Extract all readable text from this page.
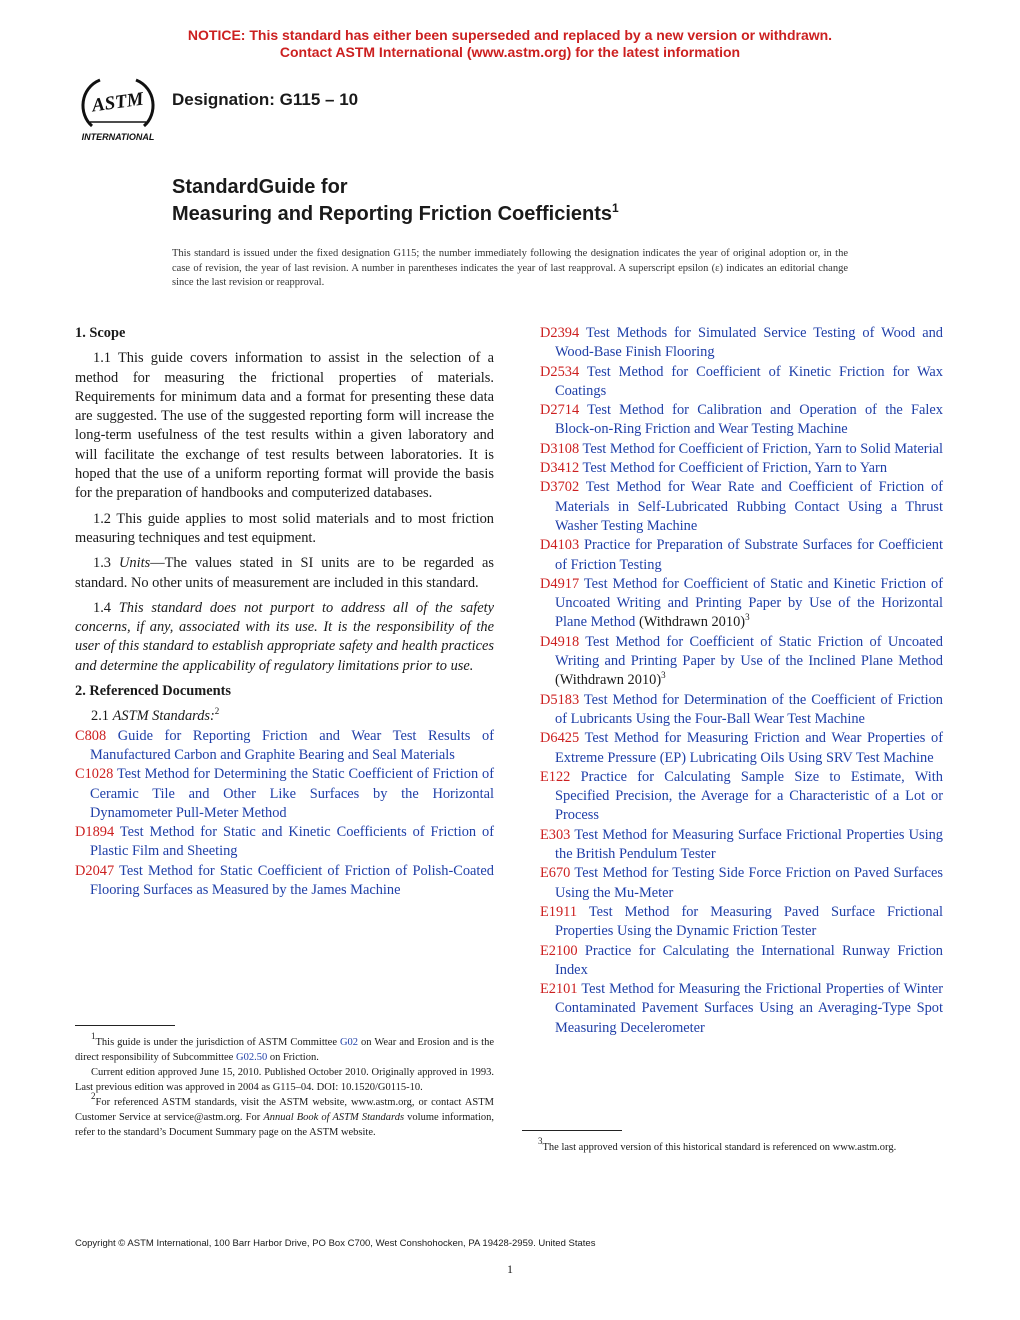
NOTICE: This standard has either been superseded and replaced by a new version or withdrawn.
Contact ASTM International (www.astm.org) for the latest information
ASTM
INTERNATIONAL
Designation: G115 – 10
StandardGuide for
Measuring and Reporting Friction Coefficients$^1$
This standard is issued under the fixed designation G115; the number immediately following the designation indicates the year of original adoption or, in the case of revision, the year of last revision. A number in parentheses indicates the year of last reapproval. A superscript epsilon (ε) indicates an editorial change since the last revision or reapproval.
1. Scope
1.1 This guide covers information to assist in the selection of a method for measuring the frictional properties of materials. Requirements for minimum data and a format for presenting these data are suggested. The use of the suggested reporting form will increase the long-term usefulness of the test results within a given laboratory and will facilitate the exchange of test results between laboratories. It is hoped that the use of a uniform reporting format will provide the basis for the preparation of handbooks and computerized databases.
1.2 This guide applies to most solid materials and to most friction measuring techniques and test equipment.
1.3 Units—The values stated in SI units are to be regarded as standard. No other units of measurement are included in this standard.
1.4 This standard does not purport to address all of the safety concerns, if any, associated with its use. It is the responsibility of the user of this standard to establish appropriate safety and health practices and determine the applicability of regulatory limitations prior to use.
2. Referenced Documents
2.1 ASTM Standards:$^2$
C808 Guide for Reporting Friction and Wear Test Results of Manufactured Carbon and Graphite Bearing and Seal Materials
C1028 Test Method for Determining the Static Coefficient of Friction of Ceramic Tile and Other Like Surfaces by the Horizontal Dynamometer Pull-Meter Method
D1894 Test Method for Static and Kinetic Coefficients of Friction of Plastic Film and Sheeting
D2047 Test Method for Static Coefficient of Friction of Polish-Coated Flooring Surfaces as Measured by the James Machine
D2394 Test Methods for Simulated Service Testing of Wood and Wood-Base Finish Flooring
D2534 Test Method for Coefficient of Kinetic Friction for Wax Coatings
D2714 Test Method for Calibration and Operation of the Falex Block-on-Ring Friction and Wear Testing Machine
D3108 Test Method for Coefficient of Friction, Yarn to Solid Material
D3412 Test Method for Coefficient of Friction, Yarn to Yarn
D3702 Test Method for Wear Rate and Coefficient of Friction of Materials in Self-Lubricated Rubbing Contact Using a Thrust Washer Testing Machine
D4103 Practice for Preparation of Substrate Surfaces for Coefficient of Friction Testing
D4917 Test Method for Coefficient of Static and Kinetic Friction of Uncoated Writing and Printing Paper by Use of the Horizontal Plane Method (Withdrawn 2010)$^3$
D4918 Test Method for Coefficient of Static Friction of Uncoated Writing and Printing Paper by Use of the Inclined Plane Method (Withdrawn 2010)$^3$
D5183 Test Method for Determination of the Coefficient of Friction of Lubricants Using the Four-Ball Wear Test Machine
D6425 Test Method for Measuring Friction and Wear Properties of Extreme Pressure (EP) Lubricating Oils Using SRV Test Machine
E122 Practice for Calculating Sample Size to Estimate, With Specified Precision, the Average for a Characteristic of a Lot or Process
E303 Test Method for Measuring Surface Frictional Properties Using the British Pendulum Tester
E670 Test Method for Testing Side Force Friction on Paved Surfaces Using the Mu-Meter
E1911 Test Method for Measuring Paved Surface Frictional Properties Using the Dynamic Friction Tester
E2100 Practice for Calculating the International Runway Friction Index
E2101 Test Method for Measuring the Frictional Properties of Winter Contaminated Pavement Surfaces Using an Averaging-Type Spot Measuring Decelerometer

$^1$This guide is under the jurisdiction of ASTM Committee G02 on Wear and Erosion and is the direct responsibility of Subcommittee G02.50 on Friction.

Current edition approved June 15, 2010. Published October 2010. Originally approved in 1993. Last previous edition was approved in 2004 as G115–04. DOI: 10.1520/G0115-10.

$^2$For referenced ASTM standards, visit the ASTM website, www.astm.org, or contact ASTM Customer Service at service@astm.org. For Annual Book of ASTM Standards volume information, refer to the standard’s Document Summary page on the ASTM website.

$^3$The last approved version of this historical standard is referenced on www.astm.org.

Copyright © ASTM International, 100 Barr Harbor Drive, PO Box C700, West Conshohocken, PA 19428-2959. United States
1
